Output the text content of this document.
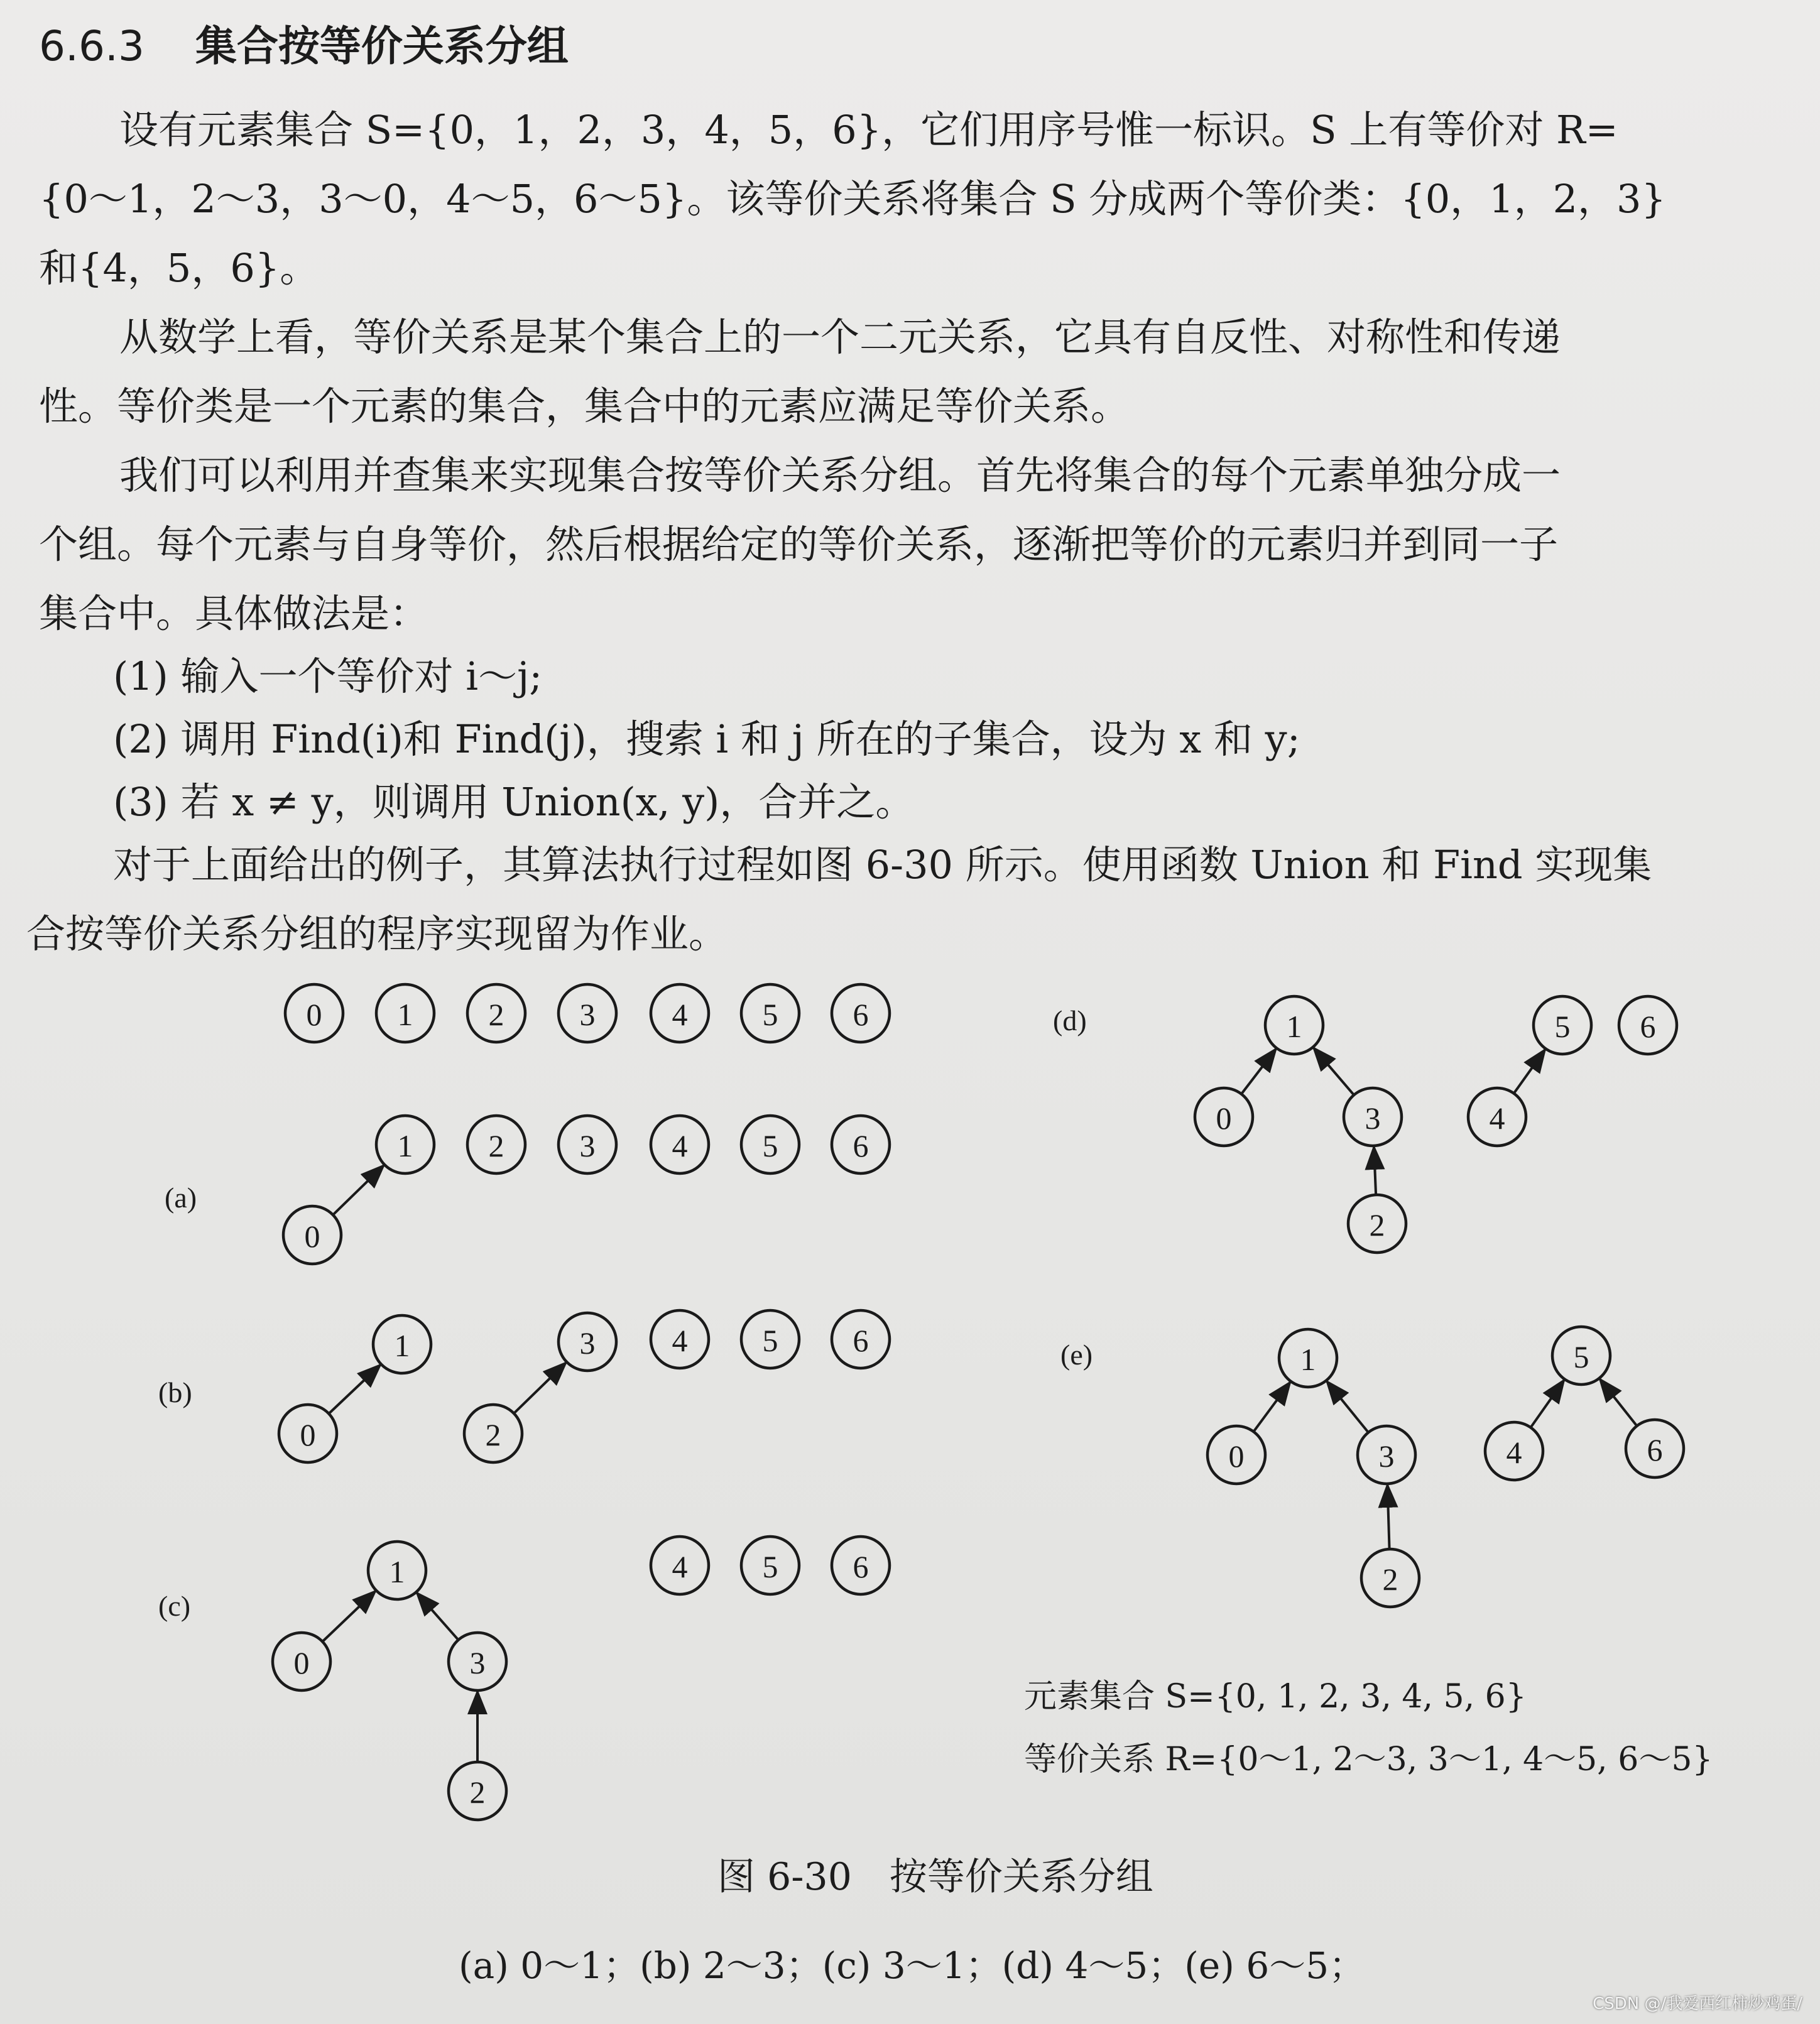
6.6.3 集合按等价关系分组
设有元素集合 S={0，1，2，3，4，5，6}，它们用序号惟一标识。S 上有等价对 R=
{0～1，2～3，3～0，4～5，6～5}。该等价关系将集合 S 分成两个等价类：{0，1，2，3}
和{4，5，6}。
从数学上看，等价关系是某个集合上的一个二元关系，它具有自反性、对称性和传递
性。等价类是一个元素的集合，集合中的元素应满足等价关系。
我们可以利用并查集来实现集合按等价关系分组。首先将集合的每个元素单独分成一
个组。每个元素与自身等价，然后根据给定的等价关系，逐渐把等价的元素归并到同一子
集合中。具体做法是：
(1) 输入一个等价对 i～j;
(2) 调用 Find(i)和 Find(j)，搜索 i 和 j 所在的子集合，设为 x 和 y;
(3) 若 x ≠ y，则调用 Union(x, y)，合并之。
对于上面给出的例子，其算法执行过程如图 6-30 所示。使用函数 Union 和 Find 实现集
合按等价关系分组的程序实现留为作业。
0 1 2 3 4 5 6
1 2 3 4 5 6
0
1
0
3
2
4 5 6
1
0	3
2
4 5 6
1
0	3
2
5 6
4
1
0	3
2
5
4	6
(a)
(b)
(c)
(d)
(e)
元素集合 S={0, 1, 2, 3, 4, 5, 6}
等价关系 R={0～1, 2～3, 3～1, 4～5, 6～5}
图 6-30　按等价关系分组
(a) 0～1；(b) 2～3；(c) 3～1；(d) 4～5；(e) 6～5；
CSDN @/我爱西红柿炒鸡蛋/
